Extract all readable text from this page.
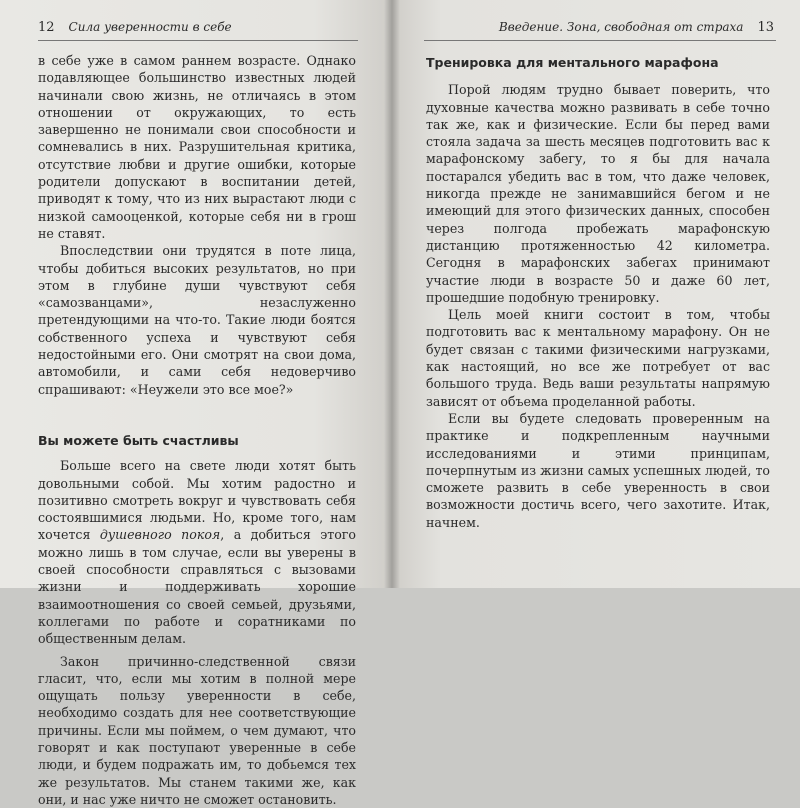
12 Сила уверенности в себе

в себе уже в самом раннем возрасте. Однако подавляющее большинство известных людей начинали свою жизнь, не отличаясь в этом отношении от окружающих, то есть завершенно не понимали свои способности и сомневались в них. Разрушительная критика, отсутствие любви и другие ошибки, которые родители допускают в воспитании детей, приводят к тому, что из них вырастают люди с низкой самооценкой, которые себя ни в грош не ставят.

Впоследствии они трудятся в поте лица, чтобы добиться высоких результатов, но при этом в глубине души чувствуют себя «самозванцами», незаслуженно претендующими на что-то. Такие люди боятся собственного успеха и чувствуют себя недостойными его. Они смотрят на свои дома, автомобили, и сами себя недоверчиво спрашивают: «Неужели это все мое?»

Вы можете быть счастливы

Больше всего на свете люди хотят быть довольными собой. Мы хотим радостно и позитивно смотреть вокруг и чувствовать себя состоявшимися людьми. Но, кроме того, нам хочется душевного покоя, а добиться этого можно лишь в том случае, если вы уверены в своей способности справляться с вызовами жизни и поддерживать хорошие взаимоотношения со своей семьей, друзьями, коллегами по работе и соратниками по общественным делам.

Закон причинно-следственной связи гласит, что, если мы хотим в полной мере ощущать пользу уверенности в себе, необходимо создать для нее соответствующие причины. Если мы поймем, о чем думают, что говорят и как поступают уверенные в себе люди, и будем подражать им, то добьемся тех же результатов. Мы станем такими же, как они, и нас уже ничто не сможет остановить.

Введение. Зона, свободная от страха 13
Тренировка для ментального марафона

Порой людям трудно бывает поверить, что духовные качества можно развивать в себе точно так же, как и физические. Если бы перед вами стояла задача за шесть месяцев подготовить вас к марафонскому забегу, то я бы для начала постарался убедить вас в том, что даже человек, никогда прежде не занимавшийся бегом и не имеющий для этого физических данных, способен через полгода пробежать марафонскую дистанцию протяженностью 42 километра. Сегодня в марафонских забегах принимают участие люди в возрасте 50 и даже 60 лет, прошедшие подобную тренировку.

Цель моей книги состоит в том, чтобы подготовить вас к ментальному марафону. Он не будет связан с такими физическими нагрузками, как настоящий, но все же потребует от вас большого труда. Ведь ваши результаты напрямую зависят от объема проделанной работы.

Если вы будете следовать проверенным на практике и подкрепленным научными исследованиями и этими принципам, почерпнутым из жизни самых успешных людей, то сможете развить в себе уверенность в свои возможности достичь всего, чего захотите. Итак, начнем.
